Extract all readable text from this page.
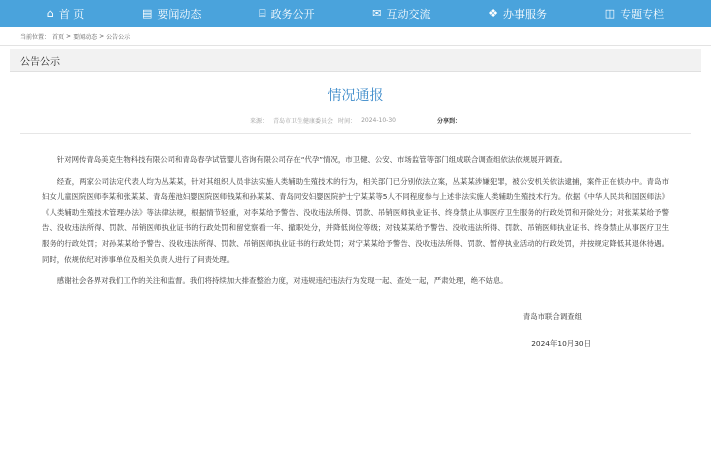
⌂ 首 页	▤ 要闻动态	⌸ 政务公开	✉ 互动交流	❖ 办事服务	◫ 专题专栏
当前位置： 首页 > 要闻动态 > 公告公示
公告公示
情况通报
来源： 青岛市卫生健康委员会 时间： 2024-10-30	分享到：

针对网传青岛美克生物科技有限公司和青岛春孕试管婴儿咨询有限公司存在“代孕”情况，市卫健、公安、市场监管等部门组成联合调查组依法依规展开调查。

经查，两家公司法定代表人均为丛某某，针对其组织人员非法实施人类辅助生殖技术的行为，相关部门已分别依法立案，丛某某涉嫌犯罪，被公安机关依法逮捕，案件正在侦办中。青岛市妇女儿童医院医师李某和张某某、青岛莲池妇婴医院医师钱某和孙某某、青岛同安妇婴医院护士宁某某等5人不同程度参与上述非法实施人类辅助生殖技术行为。依据《中华人民共和国医师法》《人类辅助生殖技术管理办法》等法律法规，根据情节轻重，对李某给予警告、没收违法所得、罚款、吊销医师执业证书、终身禁止从事医疗卫生服务的行政处罚和开除处分；对张某某给予警告、没收违法所得、罚款、吊销医师执业证书的行政处罚和留党察看一年、撤职处分，并降低岗位等级；对钱某某给予警告、没收违法所得、罚款、吊销医师执业证书、终身禁止从事医疗卫生服务的行政处罚；对孙某某给予警告、没收违法所得、罚款、吊销医师执业证书的行政处罚；对宁某某给予警告、没收违法所得、罚款、暂停执业活动的行政处罚，并按规定降低其退休待遇。同时，依规依纪对涉事单位及相关负责人进行了问责处理。

感谢社会各界对我们工作的关注和监督。我们将持续加大排查整治力度，对违规违纪违法行为发现一起、查处一起，严肃处理，绝不姑息。

青岛市联合调查组
2024年10月30日
